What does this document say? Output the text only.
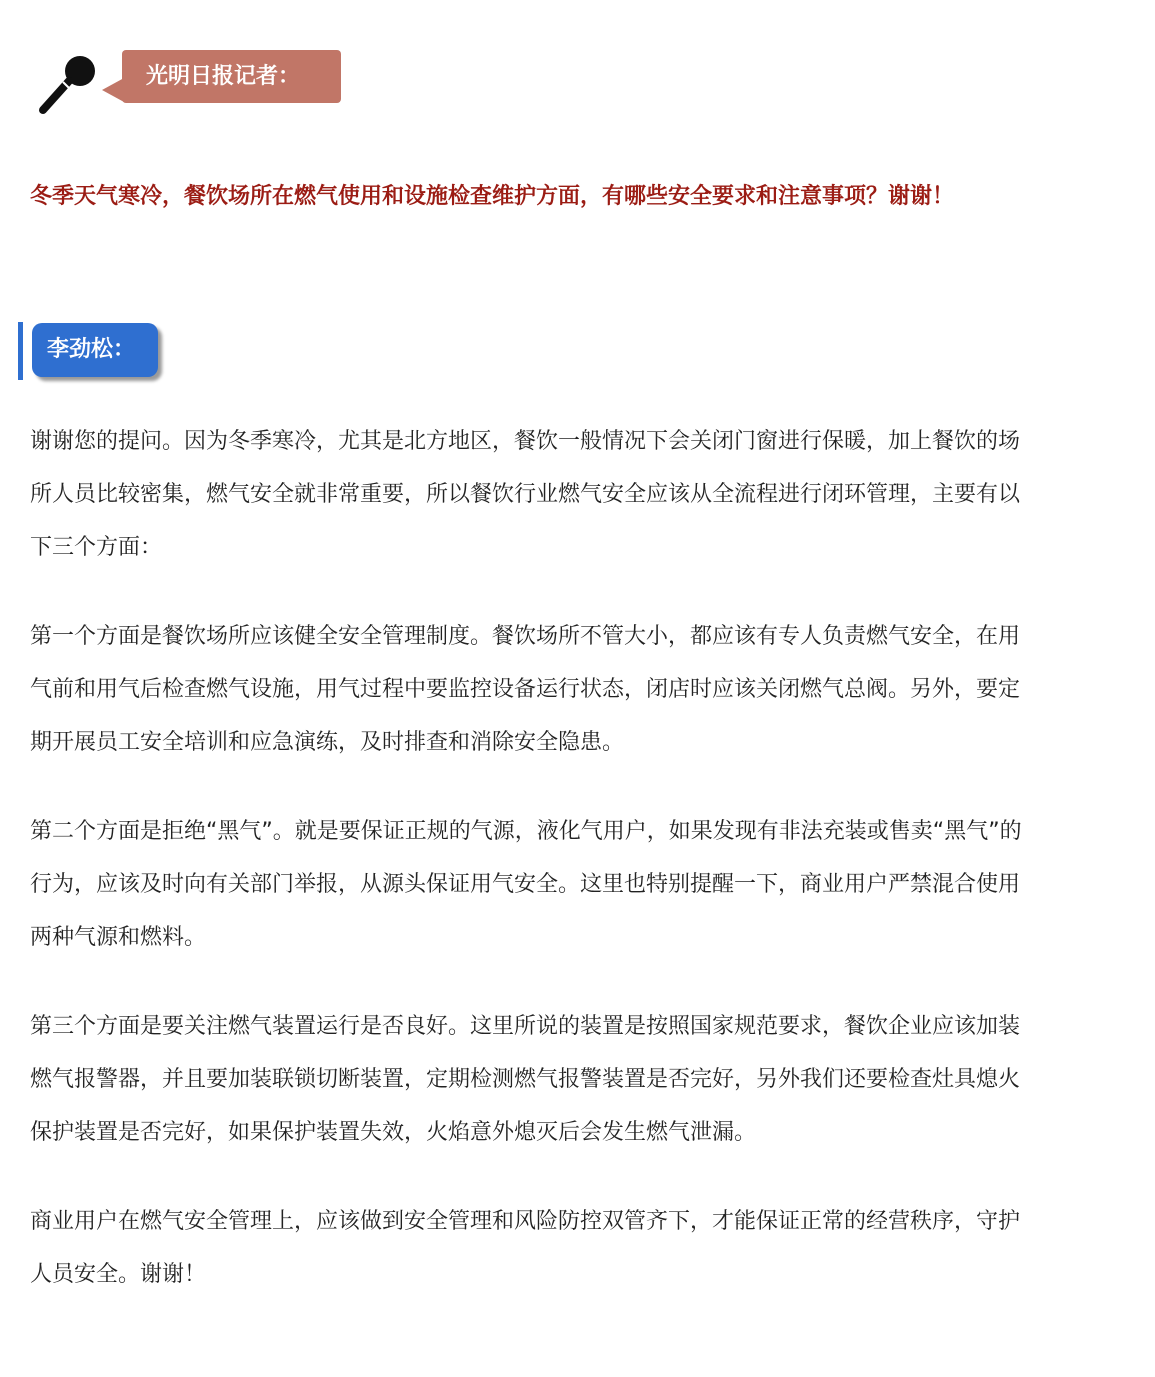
光明日报记者：

冬季天气寒冷，餐饮场所在燃气使用和设施检查维护方面，有哪些安全要求和注意事项？谢谢！

李劲松：

谢谢您的提问。因为冬季寒冷，尤其是北方地区，餐饮一般情况下会关闭门窗进行保暖，加上餐饮的场所人员比较密集，燃气安全就非常重要，所以餐饮行业燃气安全应该从全流程进行闭环管理，主要有以下三个方面：

第一个方面是餐饮场所应该健全安全管理制度。餐饮场所不管大小，都应该有专人负责燃气安全，在用气前和用气后检查燃气设施，用气过程中要监控设备运行状态，闭店时应该关闭燃气总阀。另外，要定期开展员工安全培训和应急演练，及时排查和消除安全隐患。

第二个方面是拒绝“黑气”。就是要保证正规的气源，液化气用户，如果发现有非法充装或售卖“黑气”的行为，应该及时向有关部门举报，从源头保证用气安全。这里也特别提醒一下，商业用户严禁混合使用两种气源和燃料。

第三个方面是要关注燃气装置运行是否良好。这里所说的装置是按照国家规范要求，餐饮企业应该加装燃气报警器，并且要加装联锁切断装置，定期检测燃气报警装置是否完好，另外我们还要检查灶具熄火保护装置是否完好，如果保护装置失效，火焰意外熄灭后会发生燃气泄漏。

商业用户在燃气安全管理上，应该做到安全管理和风险防控双管齐下，才能保证正常的经营秩序，守护人员安全。谢谢！
